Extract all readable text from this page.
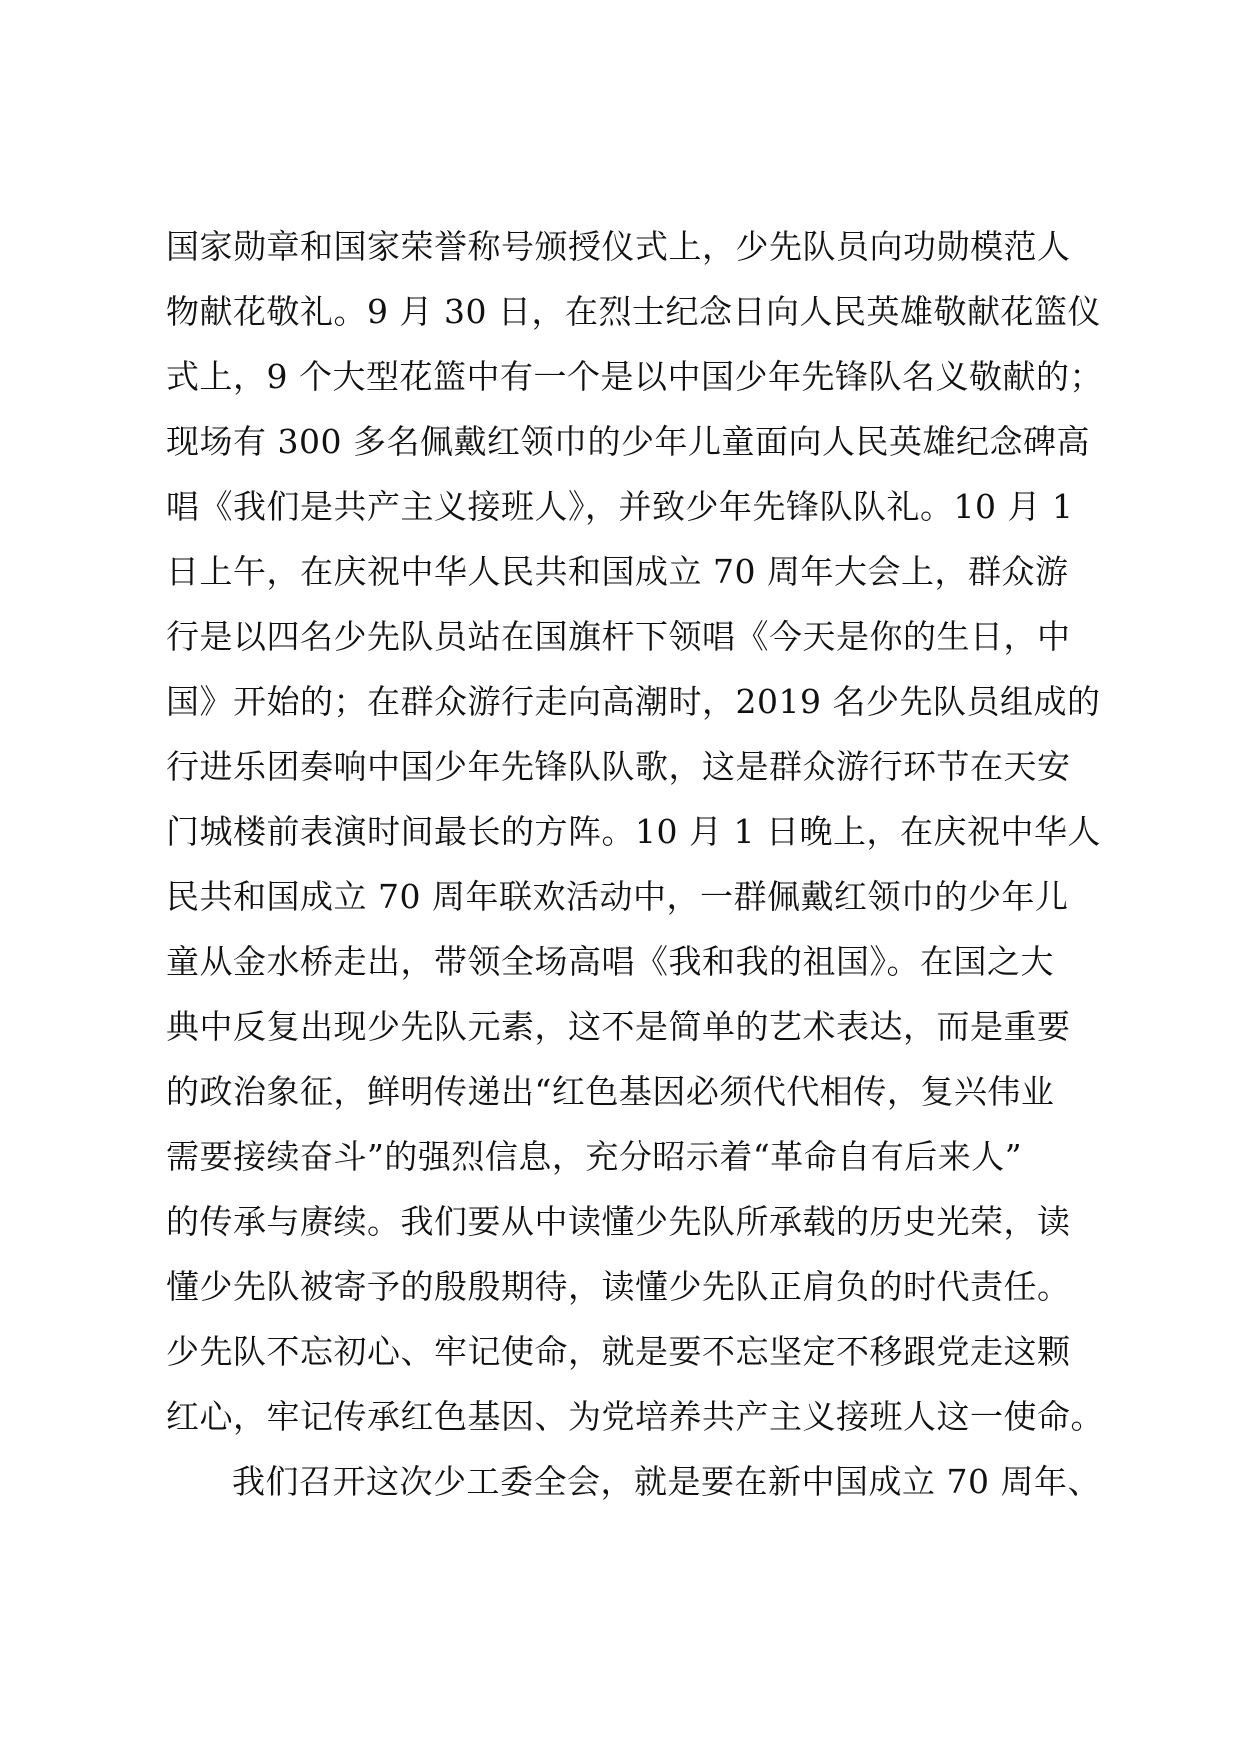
国家勋章和国家荣誉称号颁授仪式上，少先队员向功勋模范人
物献花敬礼。9 月 30 日，在烈士纪念日向人民英雄敬献花篮仪
式上，9 个大型花篮中有一个是以中国少年先锋队名义敬献的；
现场有 300 多名佩戴红领巾的少年儿童面向人民英雄纪念碑高
唱《我们是共产主义接班人》，并致少年先锋队队礼。10 月 1
日上午，在庆祝中华人民共和国成立 70 周年大会上，群众游
行是以四名少先队员站在国旗杆下领唱《今天是你的生日，中
国》开始的；在群众游行走向高潮时，2019 名少先队员组成的
行进乐团奏响中国少年先锋队队歌，这是群众游行环节在天安
门城楼前表演时间最长的方阵。10 月 1 日晚上，在庆祝中华人
民共和国成立 70 周年联欢活动中，一群佩戴红领巾的少年儿
童从金水桥走出，带领全场高唱《我和我的祖国》。在国之大
典中反复出现少先队元素，这不是简单的艺术表达，而是重要
的政治象征，鲜明传递出“红色基因必须代代相传，复兴伟业
需要接续奋斗”的强烈信息，充分昭示着“革命自有后来人”
的传承与赓续。我们要从中读懂少先队所承载的历史光荣，读
懂少先队被寄予的殷殷期待，读懂少先队正肩负的时代责任。
少先队不忘初心、牢记使命，就是要不忘坚定不移跟党走这颗
红心，牢记传承红色基因、为党培养共产主义接班人这一使命。
我们召开这次少工委全会，就是要在新中国成立 70 周年、
